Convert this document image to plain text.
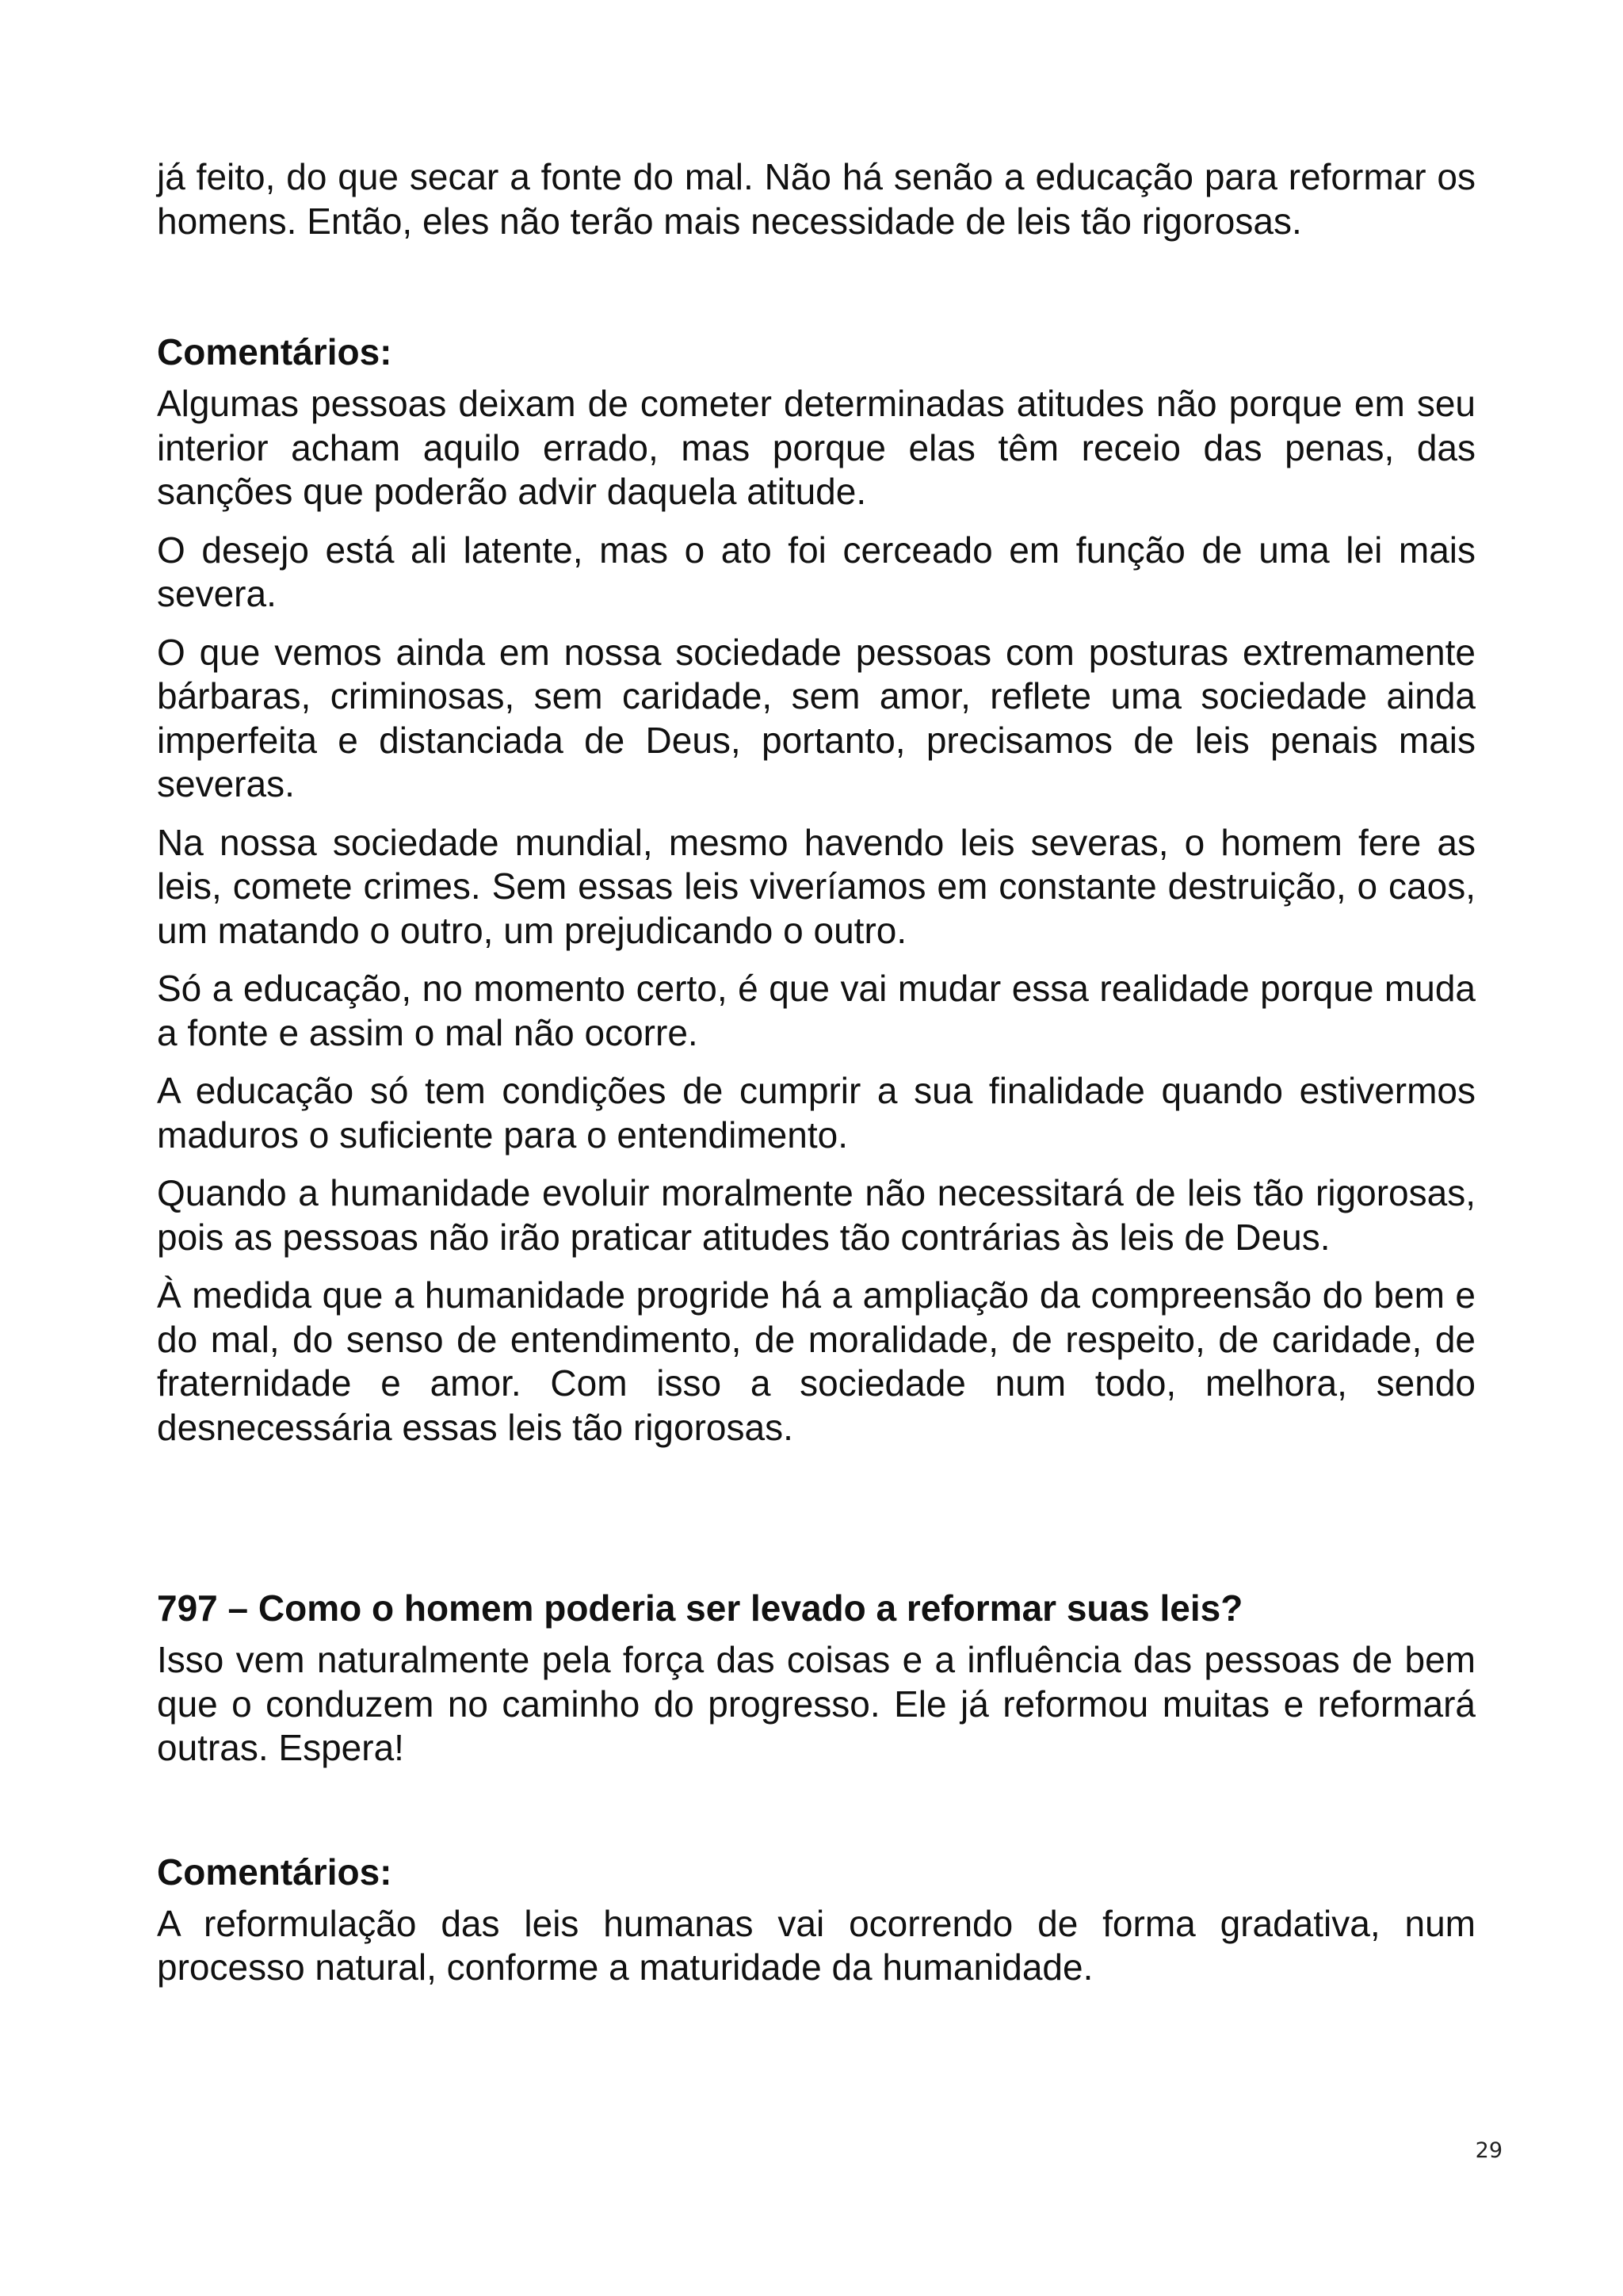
já feito, do que secar a fonte do mal. Não há senão a educação para reformar os homens. Então, eles não terão mais necessidade de leis tão rigorosas.

Comentários:

Algumas pessoas deixam de cometer determinadas atitudes não porque em seu interior acham aquilo errado, mas porque elas têm receio das penas, das sanções que poderão advir daquela atitude.

O desejo está ali latente, mas o ato foi cerceado em função de uma lei mais severa.

O que vemos ainda em nossa sociedade pessoas com posturas extremamente bárbaras, criminosas, sem caridade, sem amor, reflete uma sociedade ainda imperfeita e distanciada de Deus, portanto, precisamos de leis penais mais severas.

Na nossa sociedade mundial, mesmo havendo leis severas, o homem fere as leis, comete crimes. Sem essas leis viveríamos em constante destruição, o caos, um matando o outro, um prejudicando o outro.

Só a educação, no momento certo, é que vai mudar essa realidade porque muda a fonte e assim o mal não ocorre.

A educação só tem condições de cumprir a sua finalidade quando estivermos maduros o suficiente para o entendimento.

Quando a humanidade evoluir moralmente não necessitará de leis tão rigorosas, pois as pessoas não irão praticar atitudes tão contrárias às leis de Deus.

À medida que a humanidade progride há a ampliação da compreensão do bem e do mal, do senso de entendimento, de moralidade, de respeito, de caridade, de fraternidade e amor. Com isso a sociedade num todo, melhora, sendo desnecessária essas leis tão rigorosas.

797 – Como o homem poderia ser levado a reformar suas leis?

Isso vem naturalmente pela força das coisas e a influência das pessoas de bem que o conduzem no caminho do progresso. Ele já reformou muitas e reformará outras. Espera!

Comentários:

A reformulação das leis humanas vai ocorrendo de forma gradativa, num processo natural, conforme a maturidade da humanidade.

29
